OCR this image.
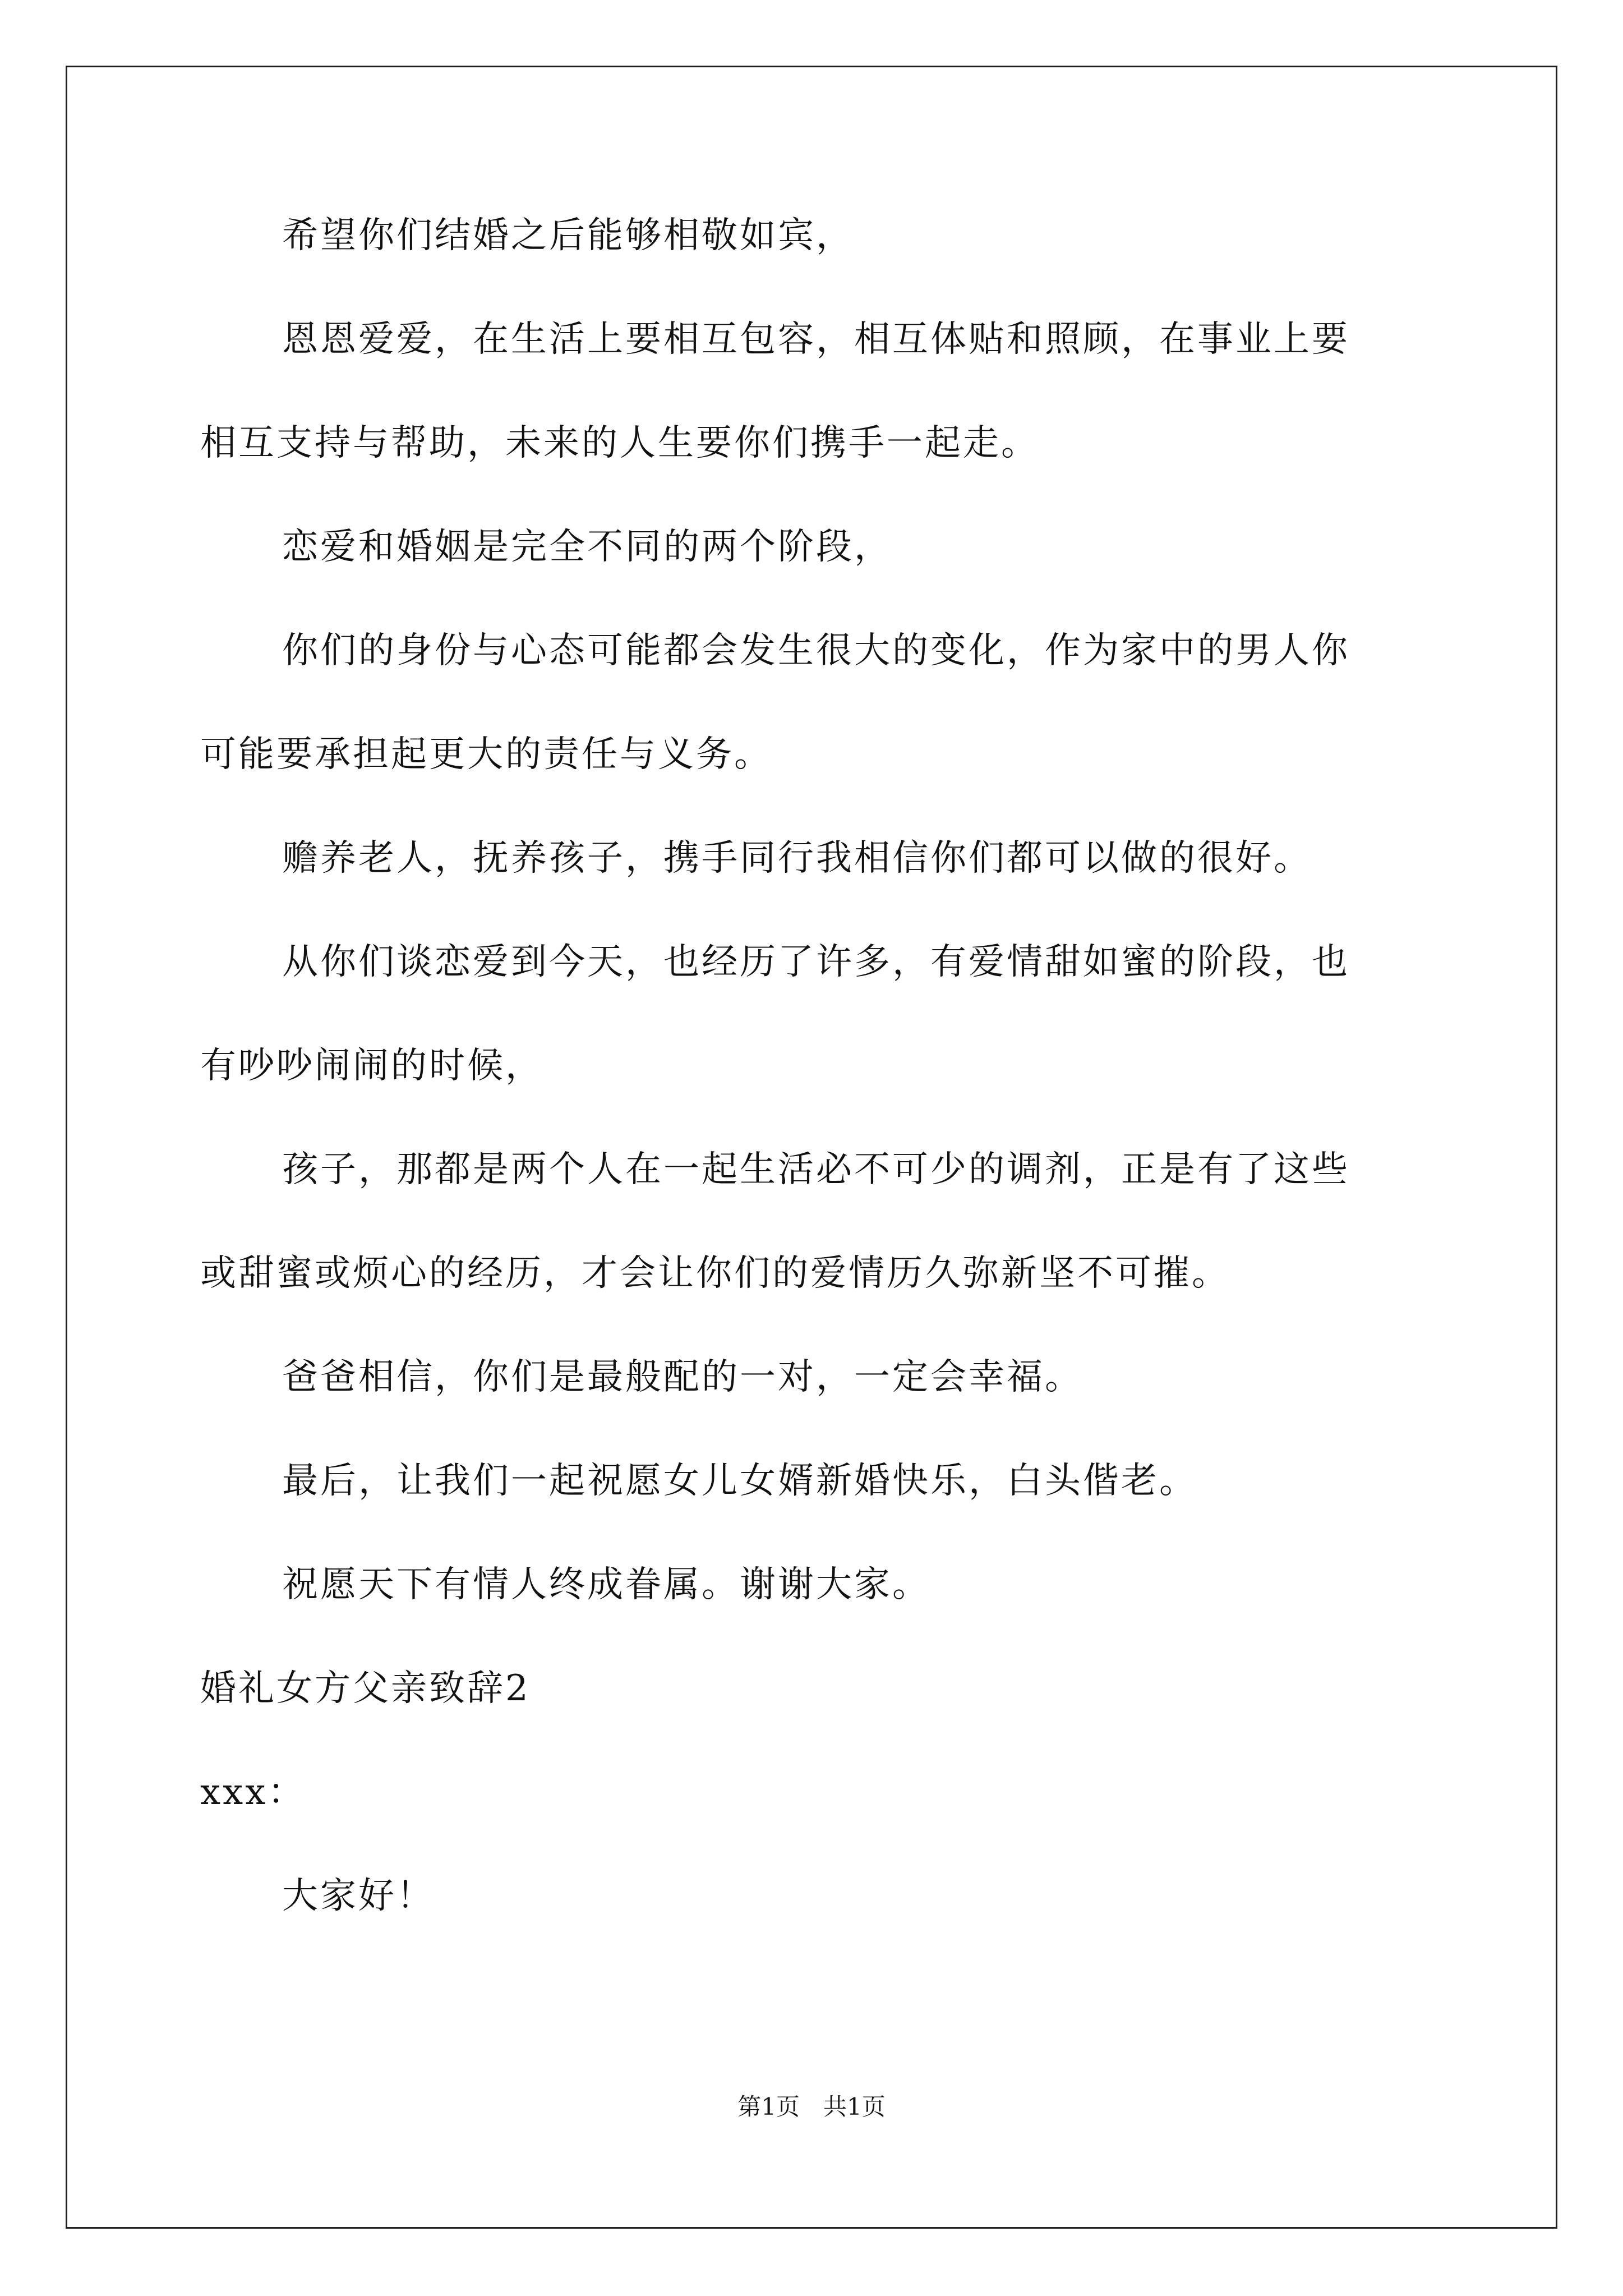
希望你们结婚之后能够相敬如宾，
恩恩爱爱，在生活上要相互包容，相互体贴和照顾，在事业上要
相互支持与帮助，未来的人生要你们携手一起走。
恋爱和婚姻是完全不同的两个阶段，
你们的身份与心态可能都会发生很大的变化，作为家中的男人你
可能要承担起更大的责任与义务。
赡养老人，抚养孩子，携手同行我相信你们都可以做的很好。
从你们谈恋爱到今天，也经历了许多，有爱情甜如蜜的阶段，也
有吵吵闹闹的时候，
孩子，那都是两个人在一起生活必不可少的调剂，正是有了这些
或甜蜜或烦心的经历，才会让你们的爱情历久弥新坚不可摧。
爸爸相信，你们是最般配的一对，一定会幸福。
最后，让我们一起祝愿女儿女婿新婚快乐，白头偕老。
祝愿天下有情人终成眷属。谢谢大家。
婚礼女方父亲致辞2
xxx：
大家好！
第1页　共1页
